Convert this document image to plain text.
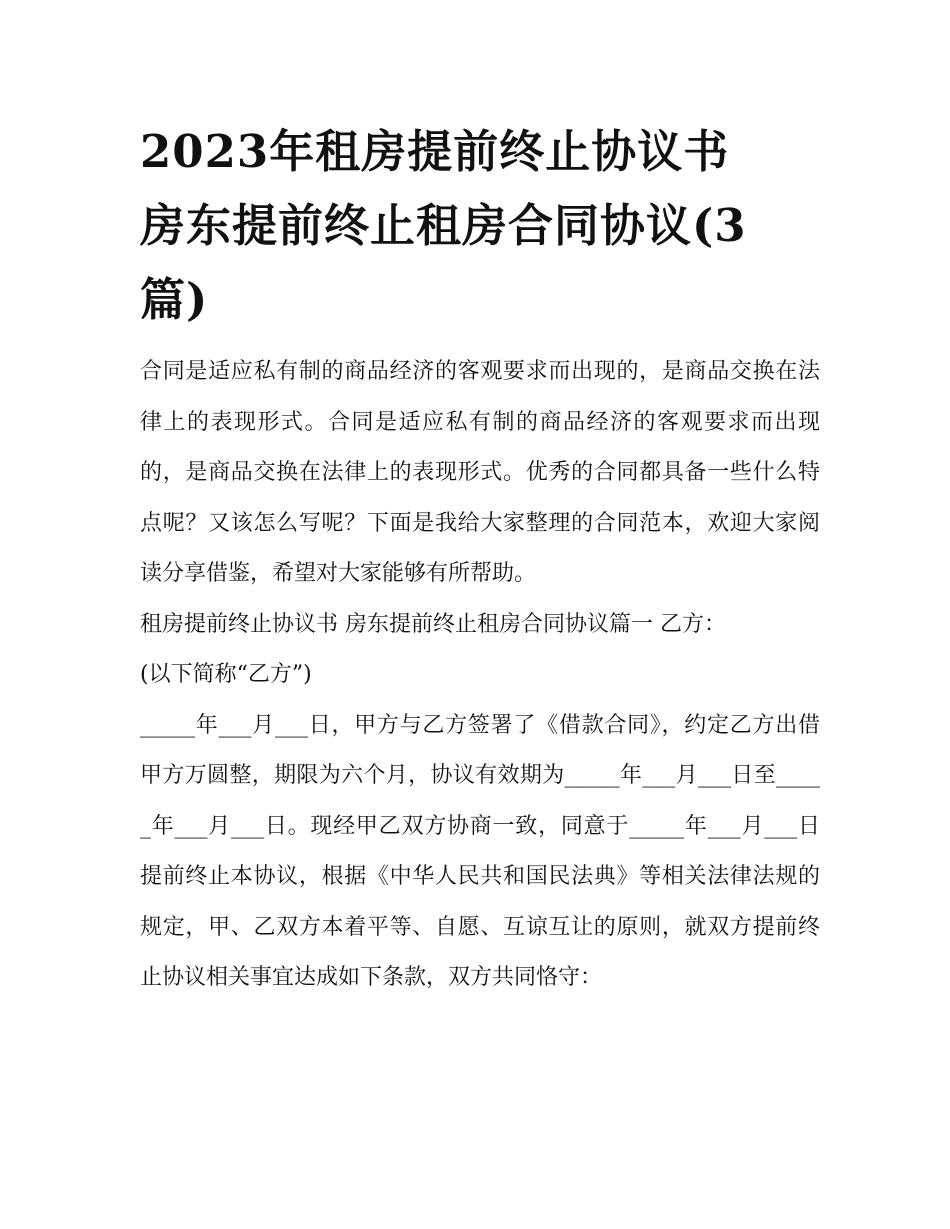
2023年租房提前终止协议书
房东提前终止租房合同协议(3
篇)

合同是适应私有制的商品经济的客观要求而出现的，是商品交换在法律上的表现形式。合同是适应私有制的商品经济的客观要求而出现的，是商品交换在法律上的表现形式。优秀的合同都具备一些什么特点呢？又该怎么写呢？下面是我给大家整理的合同范本，欢迎大家阅读分享借鉴，希望对大家能够有所帮助。

租房提前终止协议书 房东提前终止租房合同协议篇一 乙方：

(以下简称“乙方”)

_____年___月___日，甲方与乙方签署了《借款合同》，约定乙方出借甲方万圆整，期限为六个月，协议有效期为_____年___月___日至_____年___月___日。现经甲乙双方协商一致，同意于_____年___月___日提前终止本协议，根据《中华人民共和国民法典》等相关法律法规的规定，甲、乙双方本着平等、自愿、互谅互让的原则，就双方提前终止协议相关事宜达成如下条款，双方共同恪守：
